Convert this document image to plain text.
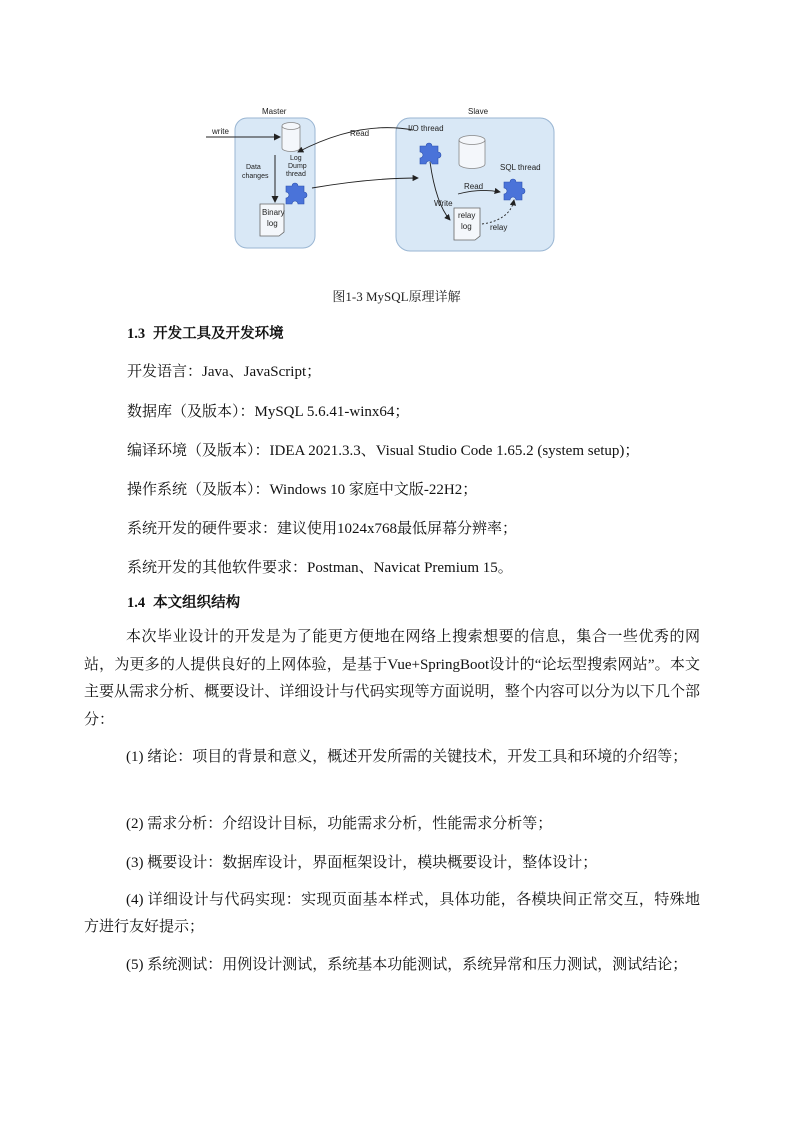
Master	Slave
write
Data
changes
Log
Dump
thread
Binary
log
Read
I/O thread
SQL thread
Read
Write
relay
log relay
图1-3 MySQL原理详解
1.3 开发工具及开发环境
开发语言：Java、JavaScript；
数据库（及版本）：MySQL 5.6.41-winx64；
编译环境（及版本）：IDEA 2021.3.3、Visual Studio Code 1.65.2 (system setup)；
操作系统（及版本）：Windows 10 家庭中文版-22H2；
系统开发的硬件要求：建议使用1024x768最低屏幕分辨率；
系统开发的其他软件要求：Postman、Navicat Premium 15。
1.4 本文组织结构

本次毕业设计的开发是为了能更方便地在网络上搜索想要的信息，集合一些优秀的网站，为更多的人提供良好的上网体验，是基于Vue+SpringBoot设计的“论坛型搜索网站”。本文主要从需求分析、概要设计、详细设计与代码实现等方面说明，整个内容可以分为以下几个部分：

(1) 绪论：项目的背景和意义，概述开发所需的关键技术，开发工具和环境的介绍等；

(2) 需求分析：介绍设计目标，功能需求分析，性能需求分析等；

(3) 概要设计：数据库设计，界面框架设计，模块概要设计，整体设计；

(4) 详细设计与代码实现：实现页面基本样式，具体功能，各模块间正常交互，特殊地方进行友好提示；

(5) 系统测试：用例设计测试，系统基本功能测试，系统异常和压力测试，测试结论；
